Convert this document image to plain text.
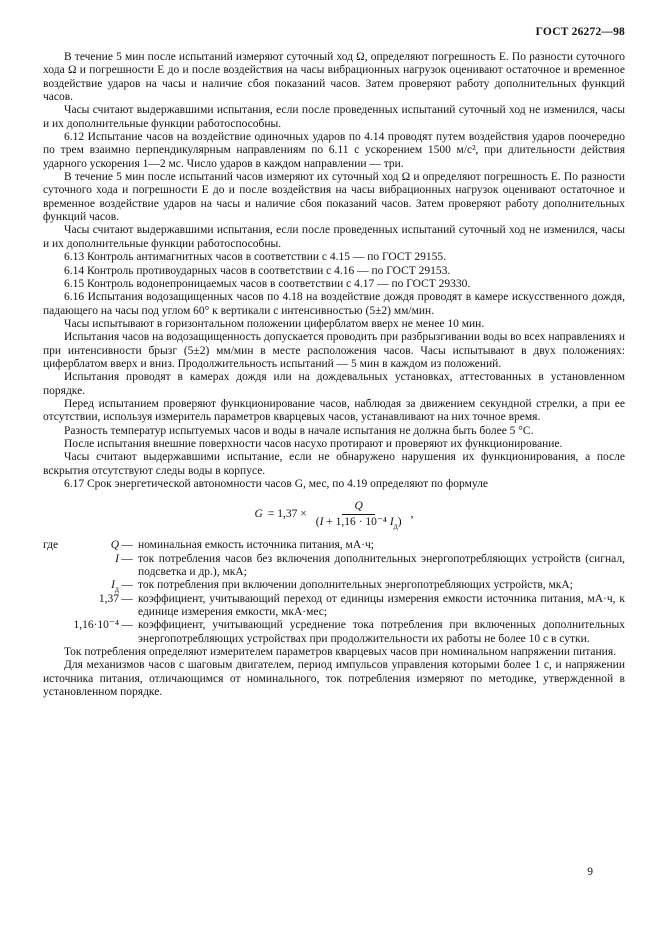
ГОСТ 26272—98

В течение 5 мин после испытаний измеряют суточный ход Ω, определяют погрешность Е. По разности суточного хода Ω и погрешности Е до и после воздействия на часы вибрационных нагрузок оценивают остаточное и временное воздействие ударов на часы и наличие сбоя показаний часов. Затем проверяют работу дополнительных функций часов.

Часы считают выдержавшими испытания, если после проведенных испытаний суточный ход не изменился, часы и их дополнительные функции работоспособны.

6.12 Испытание часов на воздействие одиночных ударов по 4.14 проводят путем воздействия ударов поочередно по трем взаимно перпендикулярным направлениям по 6.11 с ускорением 1500 м/с², при длительности действия ударного ускорения 1—2 мс. Число ударов в каждом направлении — три.

В течение 5 мин после испытаний часов измеряют их суточный ход Ω и определяют погрешность Е. По разности суточного хода и погрешности Е до и после воздействия на часы вибрационных нагрузок оценивают остаточное и временное воздействие ударов на часы и наличие сбоя показаний часов. Затем проверяют работу дополнительных функций часов.

Часы считают выдержавшими испытания, если после проведенных испытаний суточный ход не изменился, часы и их дополнительные функции работоспособны.

6.13 Контроль антимагнитных часов в соответствии с 4.15 — по ГОСТ 29155.

6.14 Контроль противоударных часов в соответствии с 4.16 — по ГОСТ 29153.

6.15 Контроль водонепроницаемых часов в соответствии с 4.17 — по ГОСТ 29330.

6.16 Испытания водозащищенных часов по 4.18 на воздействие дождя проводят в камере искусственного дождя, падающего на часы под углом 60° к вертикали с интенсивностью (5±2) мм/мин.

Часы испытывают в горизонтальном положении циферблатом вверх не менее 10 мин.

Испытания часов на водозащищенность допускается проводить при разбрызгивании воды во всех направлениях и при интенсивности брызг (5±2) мм/мин в месте расположения часов. Часы испытывают в двух положениях: циферблатом вверх и вниз. Продолжительность испытаний — 5 мин в каждом из положений.

Испытания проводят в камерах дождя или на дождевальных установках, аттестованных в установленном порядке.

Перед испытанием проверяют функционирование часов, наблюдая за движением секундной стрелки, а при ее отсутствии, используя измеритель параметров кварцевых часов, устанавливают на них точное время.

Разность температур испытуемых часов и воды в начале испытания не должна быть более 5 °С.

После испытания внешние поверхности часов насухо протирают и проверяют их функционирование.

Часы считают выдержавшими испытание, если не обнаружено нарушения их функционирования, а после вскрытия отсутствуют следы воды в корпусе.

6.17 Срок энергетической автономности часов G, мес, по 4.19 определяют по формуле

$G = 1,37 \times \frac{Q}{(I + 1,16 \cdot 10^{-4} I_д)}$ ,
где	Q — номинальная емкость источника питания, мА·ч;
I — ток потребления часов без включения дополнительных энергопотребляющих устройств (сигнал, подсветка и др.), мкА;
$I_д$ — ток потребления при включении дополнительных энергопотребляющих устройств, мкА;
1,37 — коэффициент, учитывающий переход от единицы измерения емкости источника питания, мА·ч, к единице измерения емкости, мкА·мес;
1,16·10⁻⁴ — коэффициент, учитывающий усреднение тока потребления при включенных дополнительных энергопотребляющих устройствах при продолжительности их работы не более 10 с в сутки.

Ток потребления определяют измерителем параметров кварцевых часов при номинальном напряжении питания.

Для механизмов часов с шаговым двигателем, период импульсов управления которыми более 1 с, и напряжении источника питания, отличающимся от номинального, ток потребления измеряют по методике, утвержденной в установленном порядке.

9
